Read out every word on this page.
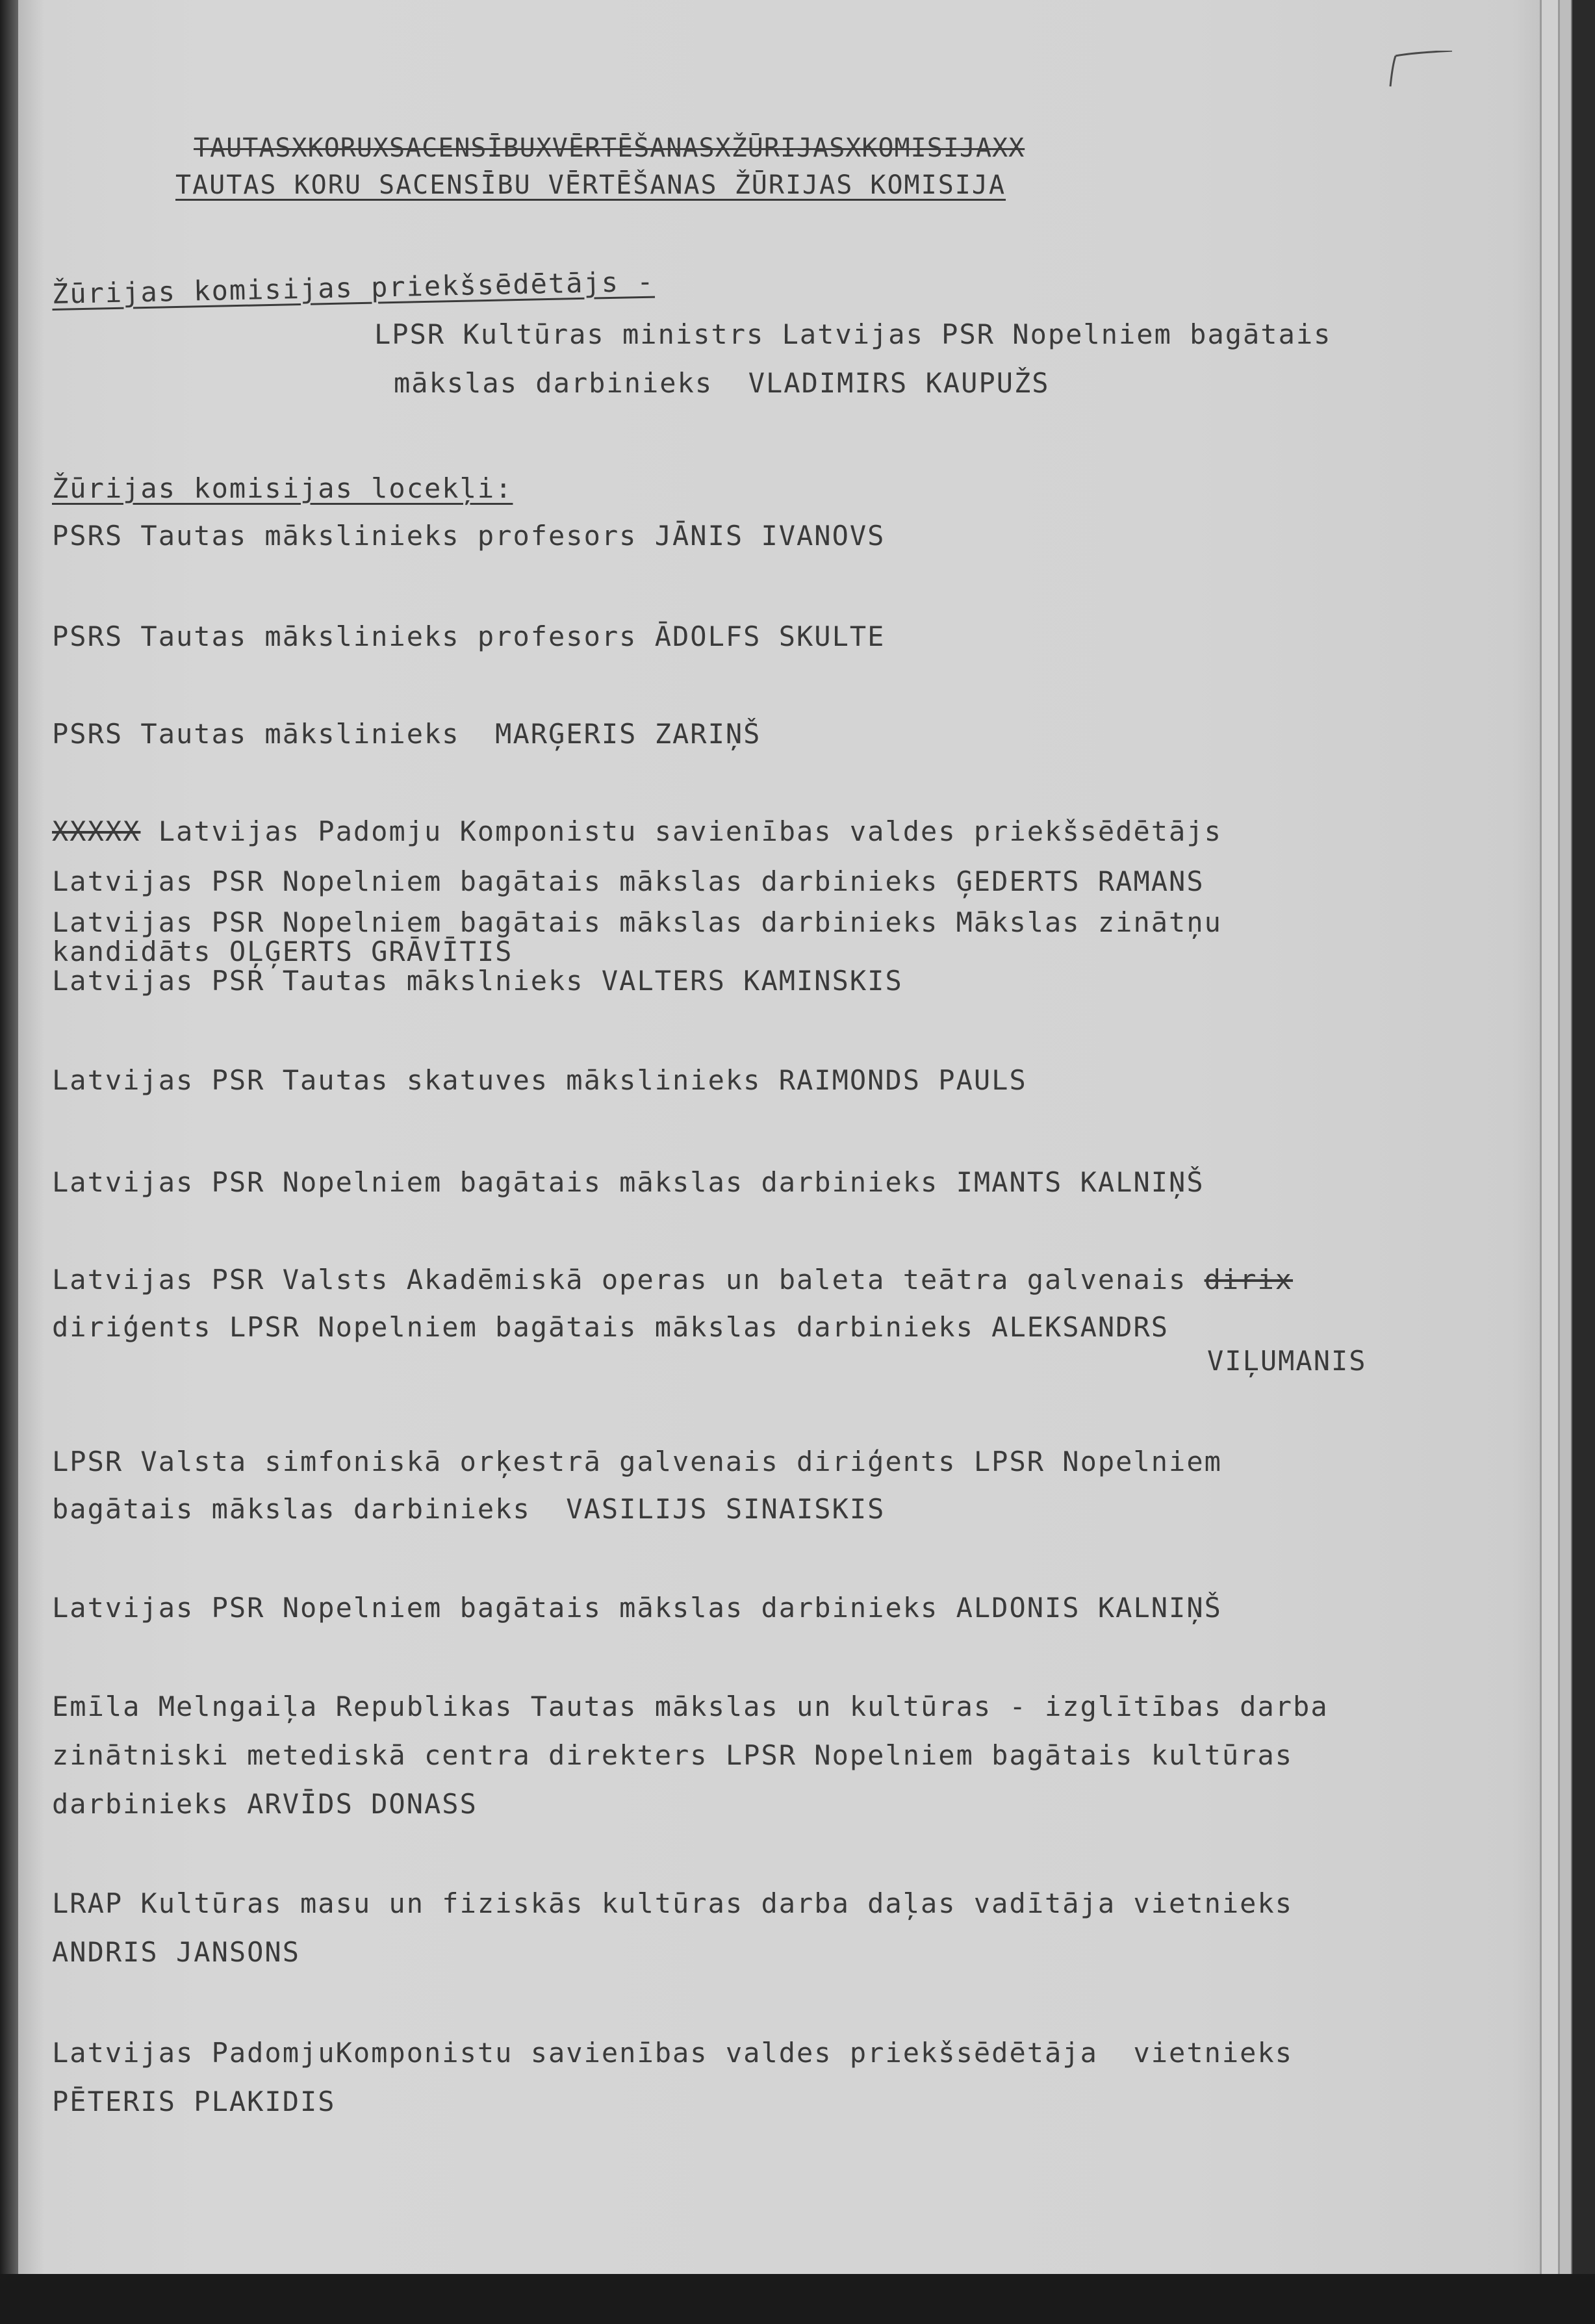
TAUTASXKORUXSACENSĪBUXVĒRTĒŠANASXŽŪRIJASXKOMISIJAXX
TAUTAS KORU SACENSĪBU VĒRTĒŠANAS ŽŪRIJAS KOMISIJA
Žūrijas komisijas priekšsēdētājs -
LPSR Kultūras ministrs Latvijas PSR Nopelniem bagātais
mākslas darbinieks  VLADIMIRS KAUPUŽS
Žūrijas komisijas locekļi:
PSRS Tautas mākslinieks profesors JĀNIS IVANOVS
PSRS Tautas mākslinieks profesors ĀDOLFS SKULTE
PSRS Tautas mākslinieks  MARĢERIS ZARIŅŠ
XXXXX Latvijas Padomju Komponistu savienības valdes priekšsēdētājs
Latvijas PSR Nopelniem bagātais mākslas darbinieks ĢEDERTS RAMANS
Latvijas PSR Nopelniem bagātais mākslas darbinieks Mākslas zinātņu
kandidāts OĻĢERTS GRĀVĪTIS
Latvijas PSR Tautas mākslnieks VALTERS KAMINSKIS
Latvijas PSR Tautas skatuves mākslinieks RAIMONDS PAULS
Latvijas PSR Nopelniem bagātais mākslas darbinieks IMANTS KALNIŅŠ
Latvijas PSR Valsts Akadēmiskā operas un baleta teātra galvenais dirix
diriģents LPSR Nopelniem bagātais mākslas darbinieks ALEKSANDRS
VIĻUMANIS
LPSR Valsta simfoniskā orķestrā galvenais diriģents LPSR Nopelniem
bagātais mākslas darbinieks  VASILIJS SINAISKIS
Latvijas PSR Nopelniem bagātais mākslas darbinieks ALDONIS KALNIŅŠ
Emīla Melngaiļa Republikas Tautas mākslas un kultūras - izglītības darba
zinātniski metediskā centra direkters LPSR Nopelniem bagātais kultūras
darbinieks ARVĪDS DONASS
LRAP Kultūras masu un fiziskās kultūras darba daļas vadītāja vietnieks
ANDRIS JANSONS
Latvijas PadomjuKomponistu savienības valdes priekšsēdētāja  vietnieks
PĒTERIS PLAKIDIS
